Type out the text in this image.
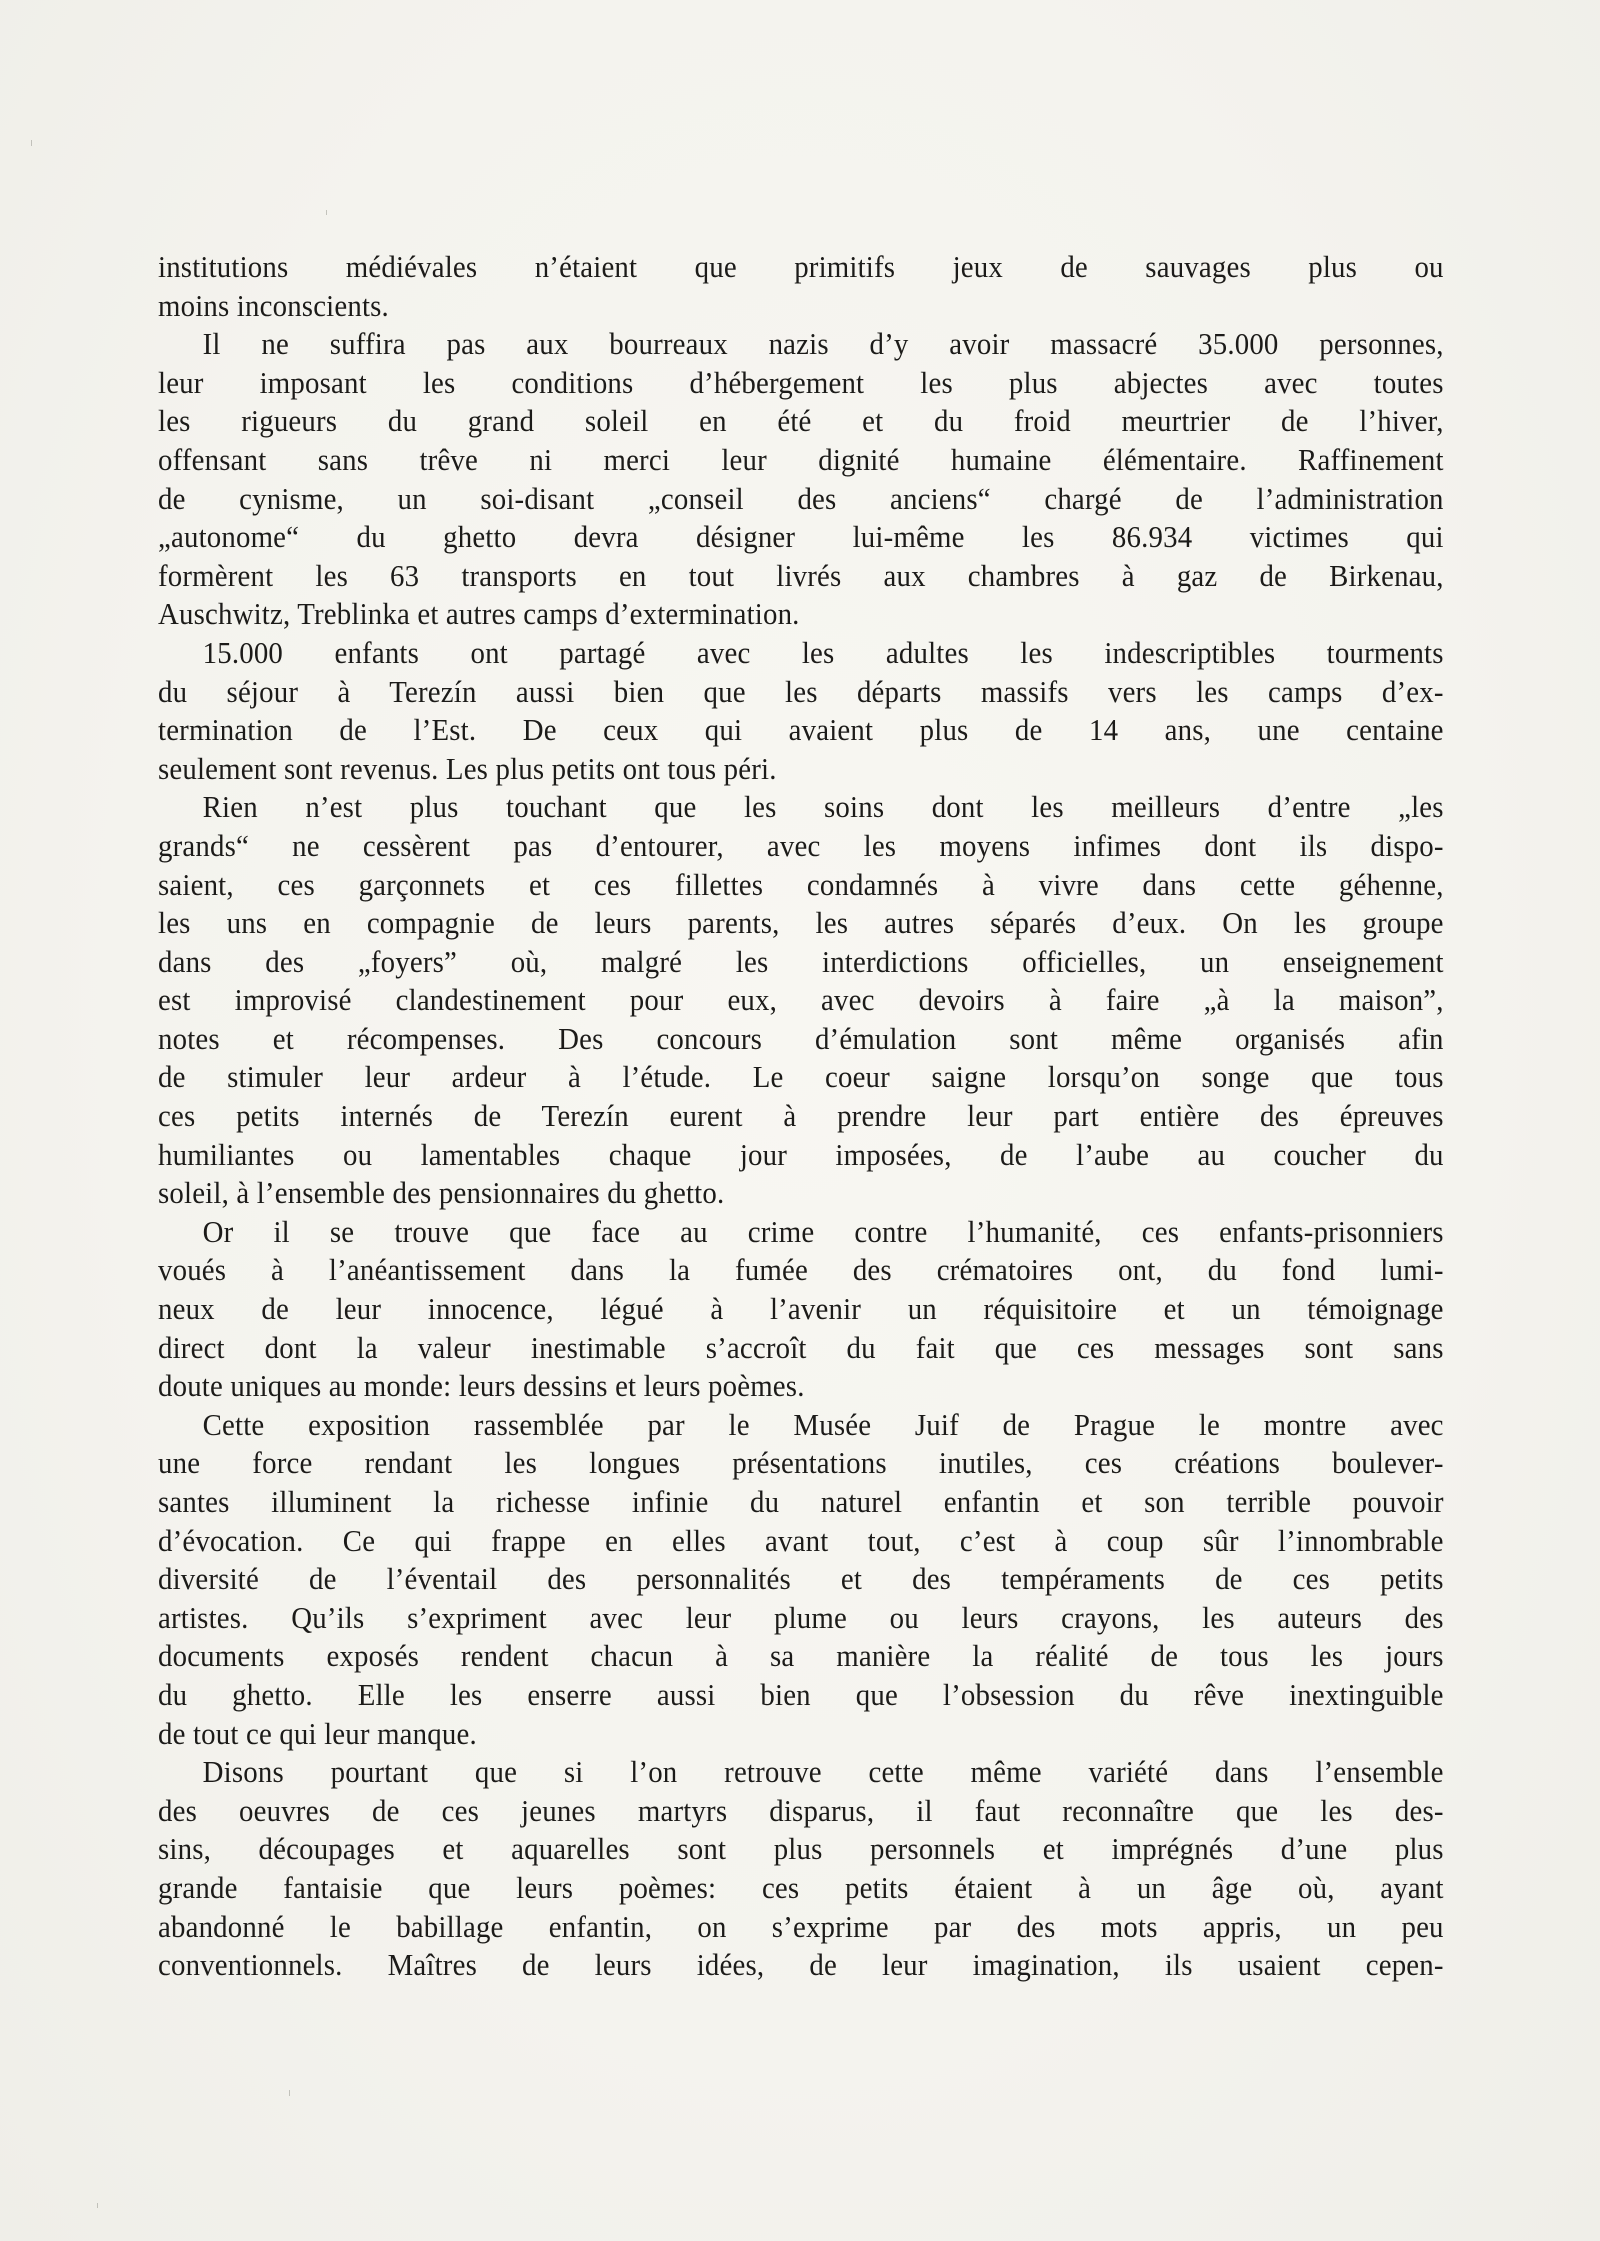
institutions médiévales n’étaient que primitifs jeux de sauvages plus ou
moins inconscients.
Il ne suffira pas aux bourreaux nazis d’y avoir massacré 35.000 personnes,
leur imposant les conditions d’hébergement les plus abjectes avec toutes
les rigueurs du grand soleil en été et du froid meurtrier de l’hiver,
offensant sans trêve ni merci leur dignité humaine élémentaire. Raffinement
de cynisme, un soi-disant „conseil des anciens“ chargé de l’administration
„autonome“ du ghetto devra désigner lui-même les 86.934 victimes qui
formèrent les 63 transports en tout livrés aux chambres à gaz de Birkenau,
Auschwitz, Treblinka et autres camps d’extermination.
15.000 enfants ont partagé avec les adultes les indescriptibles tourments
du séjour à Terezín aussi bien que les départs massifs vers les camps d’ex-
termination de l’Est. De ceux qui avaient plus de 14 ans, une centaine
seulement sont revenus. Les plus petits ont tous péri.
Rien n’est plus touchant que les soins dont les meilleurs d’entre „les
grands“ ne cessèrent pas d’entourer, avec les moyens infimes dont ils dispo-
saient, ces garçonnets et ces fillettes condamnés à vivre dans cette géhenne,
les uns en compagnie de leurs parents, les autres séparés d’eux. On les groupe
dans des „foyers” où, malgré les interdictions officielles, un enseignement
est improvisé clandestinement pour eux, avec devoirs à faire „à la maison”,
notes et récompenses. Des concours d’émulation sont même organisés afin
de stimuler leur ardeur à l’étude. Le coeur saigne lorsqu’on songe que tous
ces petits internés de Terezín eurent à prendre leur part entière des épreuves
humiliantes ou lamentables chaque jour imposées, de l’aube au coucher du
soleil, à l’ensemble des pensionnaires du ghetto.
Or il se trouve que face au crime contre l’humanité, ces enfants-prisonniers
voués à l’anéantissement dans la fumée des crématoires ont, du fond lumi-
neux de leur innocence, légué à l’avenir un réquisitoire et un témoignage
direct dont la valeur inestimable s’accroît du fait que ces messages sont sans
doute uniques au monde: leurs dessins et leurs poèmes.
Cette exposition rassemblée par le Musée Juif de Prague le montre avec
une force rendant les longues présentations inutiles, ces créations boulever-
santes illuminent la richesse infinie du naturel enfantin et son terrible pouvoir
d’évocation. Ce qui frappe en elles avant tout, c’est à coup sûr l’innombrable
diversité de l’éventail des personnalités et des tempéraments de ces petits
artistes. Qu’ils s’expriment avec leur plume ou leurs crayons, les auteurs des
documents exposés rendent chacun à sa manière la réalité de tous les jours
du ghetto. Elle les enserre aussi bien que l’obsession du rêve inextinguible
de tout ce qui leur manque.
Disons pourtant que si l’on retrouve cette même variété dans l’ensemble
des oeuvres de ces jeunes martyrs disparus, il faut reconnaître que les des-
sins, découpages et aquarelles sont plus personnels et imprégnés d’une plus
grande fantaisie que leurs poèmes: ces petits étaient à un âge où, ayant
abandonné le babillage enfantin, on s’exprime par des mots appris, un peu
conventionnels. Maîtres de leurs idées, de leur imagination, ils usaient cepen-
